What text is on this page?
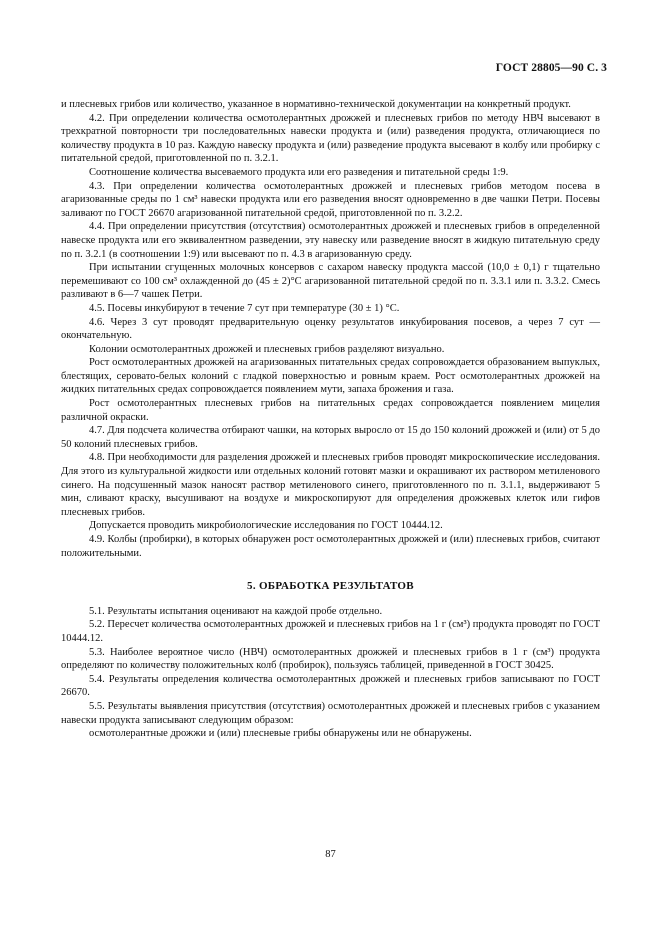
ГОСТ 28805—90 С. 3

и плесневых грибов или количество, указанное в нормативно-технической документации на конкретный продукт.

4.2. При определении количества осмотолерантных дрожжей и плесневых грибов по методу НВЧ высевают в трехкратной повторности три последовательных навески продукта и (или) разведения продукта, отличающиеся по количеству продукта в 10 раз. Каждую навеску продукта и (или) разведение продукта высевают в колбу или пробирку с питательной средой, приготовленной по п. 3.2.1.

Соотношение количества высеваемого продукта или его разведения и питательной среды 1:9.

4.3. При определении количества осмотолерантных дрожжей и плесневых грибов методом посева в агаризованные среды по 1 см³ навески продукта или его разведения вносят одновременно в две чашки Петри. Посевы заливают по ГОСТ 26670 агаризованной питательной средой, приготовленной по п. 3.2.2.

4.4. При определении присутствия (отсутствия) осмотолерантных дрожжей и плесневых грибов в определенной навеске продукта или его эквивалентном разведении, эту навеску или разведение вносят в жидкую питательную среду по п. 3.2.1 (в соотношении 1:9) или высевают по п. 4.3 в агаризованную среду.

При испытании сгущенных молочных консервов с сахаром навеску продукта массой (10,0 ± 0,1) г тщательно перемешивают со 100 см³ охлажденной до (45 ± 2)°С агаризованной питательной средой по п. 3.3.1 или п. 3.3.2. Смесь разливают в 6—7 чашек Петри.

4.5. Посевы инкубируют в течение 7 сут при температуре (30 ± 1) °С.

4.6. Через 3 сут проводят предварительную оценку результатов инкубирования посевов, а через 7 сут — окончательную.

Колонии осмотолерантных дрожжей и плесневых грибов разделяют визуально.

Рост осмотолерантных дрожжей на агаризованных питательных средах сопровождается образованием выпуклых, блестящих, серовато-белых колоний с гладкой поверхностью и ровным краем. Рост осмотолерантных дрожжей на жидких питательных средах сопровождается появлением мути, запаха брожения и газа.

Рост осмотолерантных плесневых грибов на питательных средах сопровождается появлением мицелия различной окраски.

4.7. Для подсчета количества отбирают чашки, на которых выросло от 15 до 150 колоний дрожжей и (или) от 5 до 50 колоний плесневых грибов.

4.8. При необходимости для разделения дрожжей и плесневых грибов проводят микроскопические исследования. Для этого из культуральной жидкости или отдельных колоний готовят мазки и окрашивают их раствором метиленового синего. На подсушенный мазок наносят раствор метиленового синего, приготовленного по п. 3.1.1, выдерживают 5 мин, сливают краску, высушивают на воздухе и микроскопируют для определения дрожжевых клеток или гифов плесневых грибов.

Допускается проводить микробиологические исследования по ГОСТ 10444.12.

4.9. Колбы (пробирки), в которых обнаружен рост осмотолерантных дрожжей и (или) плесневых грибов, считают положительными.

5. ОБРАБОТКА РЕЗУЛЬТАТОВ

5.1. Результаты испытания оценивают на каждой пробе отдельно.

5.2. Пересчет количества осмотолерантных дрожжей и плесневых грибов на 1 г (см³) продукта проводят по ГОСТ 10444.12.

5.3. Наиболее вероятное число (НВЧ) осмотолерантных дрожжей и плесневых грибов в 1 г (см³) продукта определяют по количеству положительных колб (пробирок), пользуясь таблицей, приведенной в ГОСТ 30425.

5.4. Результаты определения количества осмотолерантных дрожжей и плесневых грибов записывают по ГОСТ 26670.

5.5. Результаты выявления присутствия (отсутствия) осмотолерантных дрожжей и плесневых грибов с указанием навески продукта записывают следующим образом:

осмотолерантные дрожжи и (или) плесневые грибы обнаружены или не обнаружены.

87
